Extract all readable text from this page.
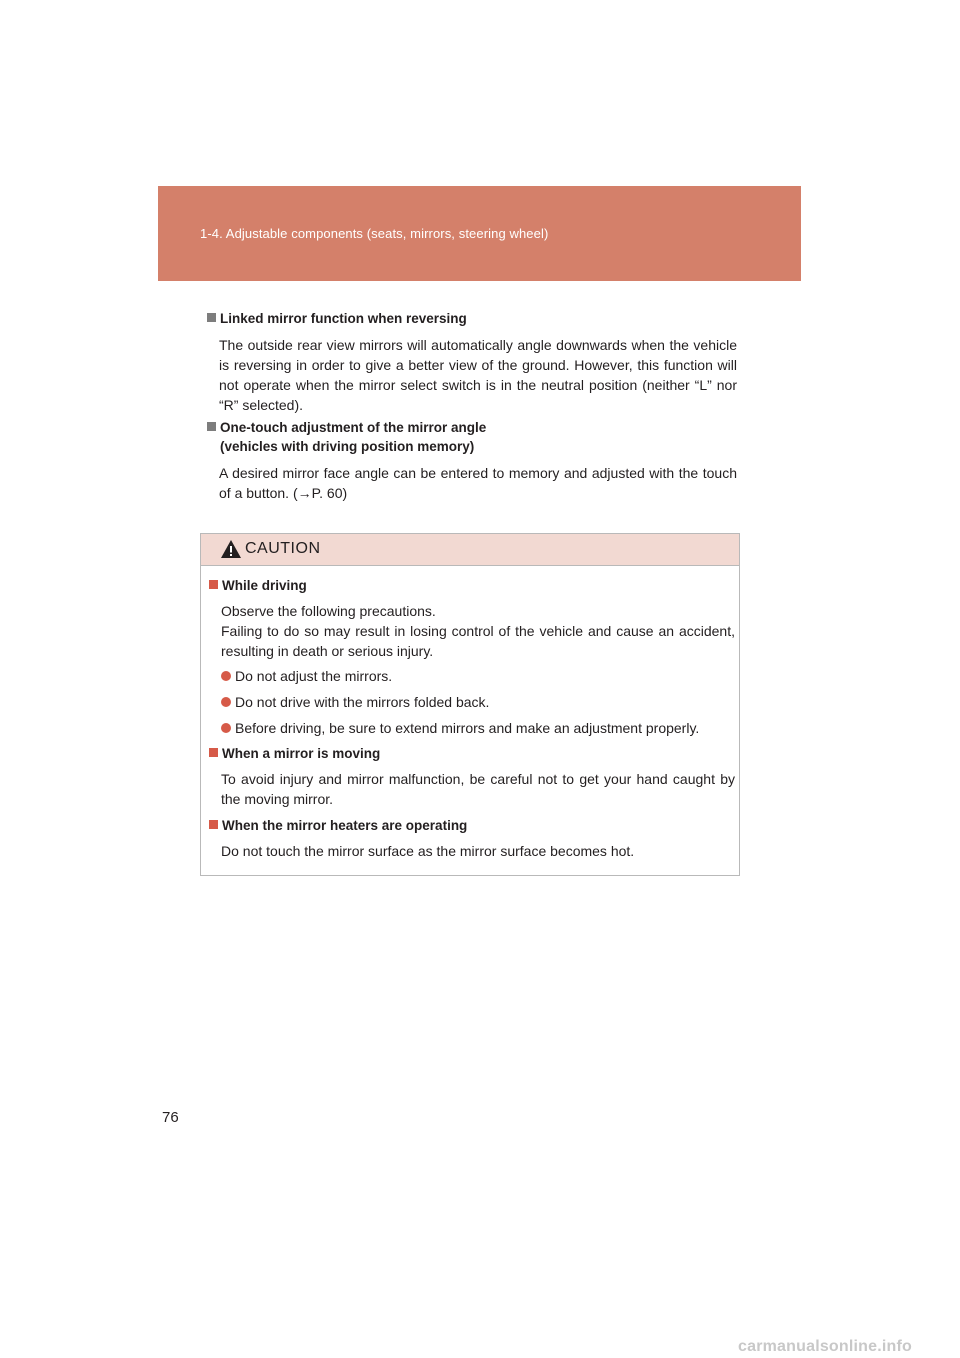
1-4. Adjustable components (seats, mirrors, steering wheel)
Linked mirror function when reversing
The outside rear view mirrors will automatically angle downwards when the vehicle is reversing in order to give a better view of the ground. However, this function will not operate when the mirror select switch is in the neutral position (neither “L” nor “R” selected).
One-touch adjustment of the mirror angle
(vehicles with driving position memory)
A desired mirror face angle can be entered to memory and adjusted with the touch of a button. (→P. 60)
CAUTION
While driving
Observe the following precautions.
Failing to do so may result in losing control of the vehicle and cause an accident, resulting in death or serious injury.
Do not adjust the mirrors.
Do not drive with the mirrors folded back.
Before driving, be sure to extend mirrors and make an adjustment properly.
When a mirror is moving
To avoid injury and mirror malfunction, be careful not to get your hand caught by the moving mirror.
When the mirror heaters are operating
Do not touch the mirror surface as the mirror surface becomes hot.
76
carmanualsonline.info
